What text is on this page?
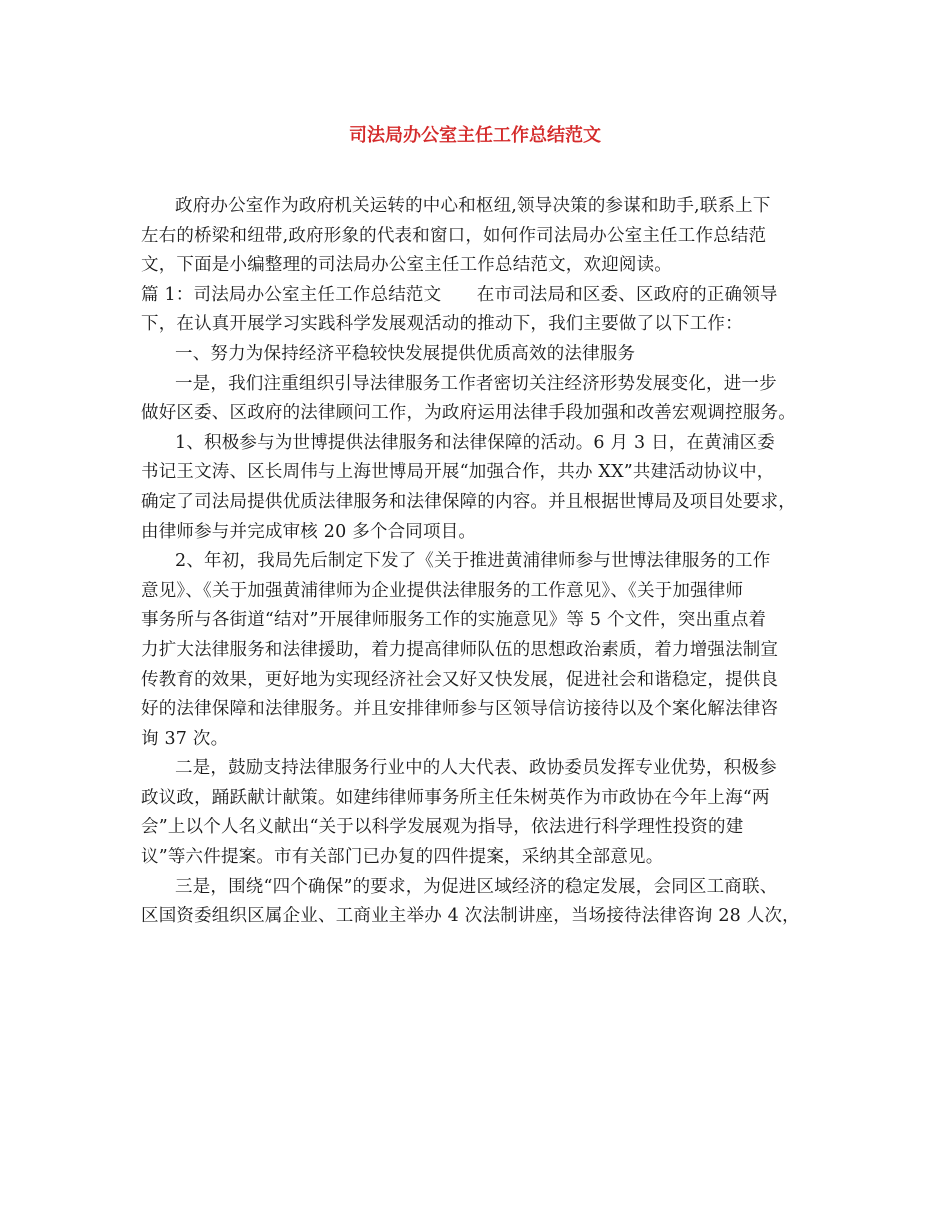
司法局办公室主任工作总结范文
政府办公室作为政府机关运转的中心和枢纽,领导决策的参谋和助手,联系上下
左右的桥梁和纽带,政府形象的代表和窗口，如何作司法局办公室主任工作总结范
文，下面是小编整理的司法局办公室主任工作总结范文，欢迎阅读。
篇 1：司法局办公室主任工作总结范文　　在市司法局和区委、区政府的正确领导
下，在认真开展学习实践科学发展观活动的推动下，我们主要做了以下工作：
一、努力为保持经济平稳较快发展提供优质高效的法律服务
一是，我们注重组织引导法律服务工作者密切关注经济形势发展变化，进一步
做好区委、区政府的法律顾问工作，为政府运用法律手段加强和改善宏观调控服务。
1、积极参与为世博提供法律服务和法律保障的活动。6 月 3 日，在黄浦区委
书记王文涛、区长周伟与上海世博局开展“加强合作，共办 XX”共建活动协议中，
确定了司法局提供优质法律服务和法律保障的内容。并且根据世博局及项目处要求，
由律师参与并完成审核 20 多个合同项目。
2、年初，我局先后制定下发了《关于推进黄浦律师参与世博法律服务的工作
意见》、《关于加强黄浦律师为企业提供法律服务的工作意见》、《关于加强律师
事务所与各街道“结对”开展律师服务工作的实施意见》等 5 个文件，突出重点着
力扩大法律服务和法律援助，着力提高律师队伍的思想政治素质，着力增强法制宣
传教育的效果，更好地为实现经济社会又好又快发展，促进社会和谐稳定，提供良
好的法律保障和法律服务。并且安排律师参与区领导信访接待以及个案化解法律咨
询 37 次。
二是，鼓励支持法律服务行业中的人大代表、政协委员发挥专业优势，积极参
政议政，踊跃献计献策。如建纬律师事务所主任朱树英作为市政协在今年上海“两
会”上以个人名义献出“关于以科学发展观为指导，依法进行科学理性投资的建
议”等六件提案。市有关部门已办复的四件提案，采纳其全部意见。
三是，围绕“四个确保”的要求，为促进区域经济的稳定发展，会同区工商联、
区国资委组织区属企业、工商业主举办 4 次法制讲座，当场接待法律咨询 28 人次，
